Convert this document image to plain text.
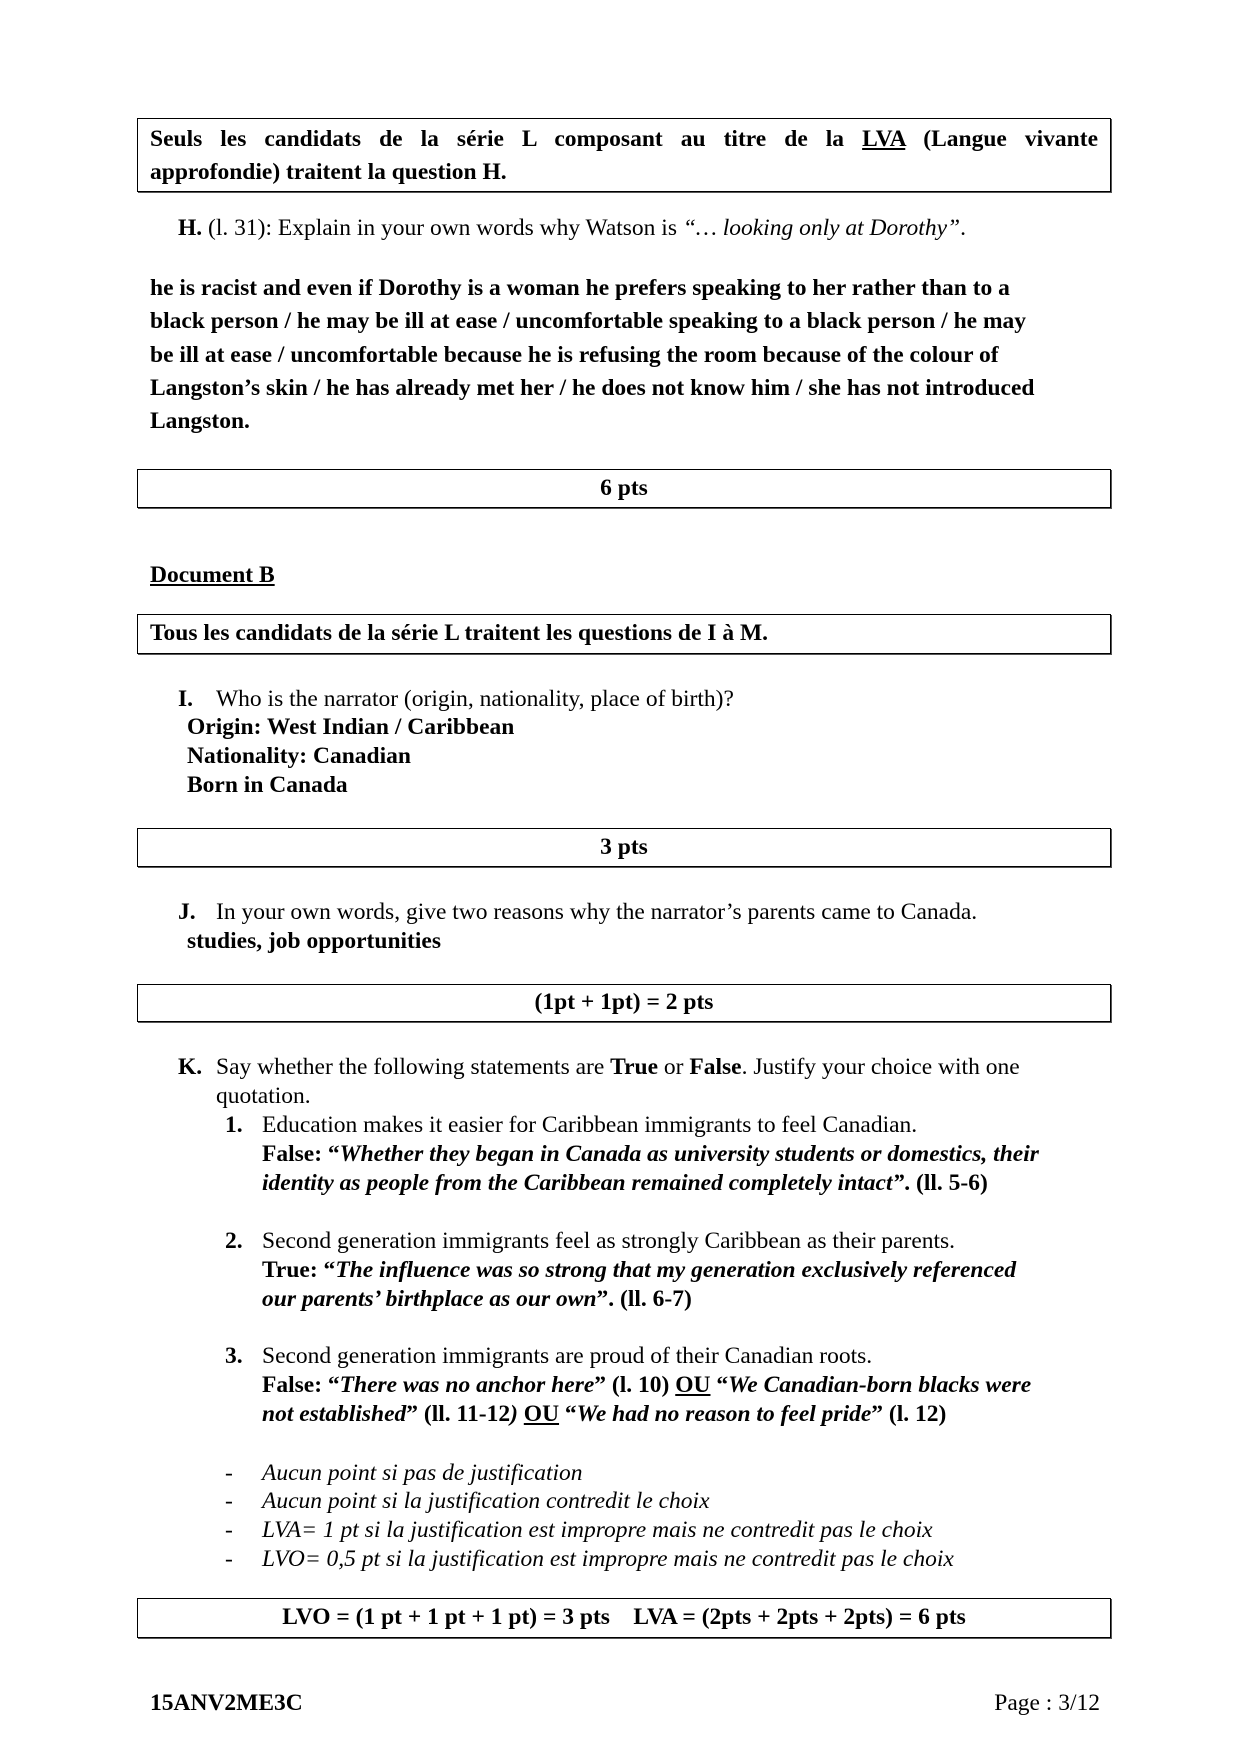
Seuls les candidats de la série L composant au titre de la LVA (Langue vivante
approfondie) traitent la question H.
H. (l. 31): Explain in your own words why Watson is “… looking only at Dorothy”.
he is racist and even if Dorothy is a woman he prefers speaking to her rather than to a
black person / he may be ill at ease / uncomfortable speaking to a black person / he may
be ill at ease / uncomfortable because he is refusing the room because of the colour of
Langston’s skin / he has already met her / he does not know him / she has not introduced
Langston.
6 pts
Document B
Tous les candidats de la série L traitent les questions de I à M.
I. Who is the narrator (origin, nationality, place of birth)?
Origin: West Indian / Caribbean
Nationality: Canadian
Born in Canada
3 pts
J. In your own words, give two reasons why the narrator’s parents came to Canada.
studies, job opportunities
(1pt + 1pt) = 2 pts
K. Say whether the following statements are True or False. Justify your choice with one
quotation.
1. Education makes it easier for Caribbean immigrants to feel Canadian.
False: “Whether they began in Canada as university students or domestics, their
identity as people from the Caribbean remained completely intact”. (ll. 5-6)
2. Second generation immigrants feel as strongly Caribbean as their parents.
True: “The influence was so strong that my generation exclusively referenced
our parents’ birthplace as our own”. (ll. 6-7)
3. Second generation immigrants are proud of their Canadian roots.
False: “There was no anchor here” (l. 10) OU “We Canadian-born blacks were
not established” (ll. 11-12) OU “We had no reason to feel pride” (l. 12)
- Aucun point si pas de justification
- Aucun point si la justification contredit le choix
- LVA= 1 pt si la justification est impropre mais ne contredit pas le choix
- LVO= 0,5 pt si la justification est impropre mais ne contredit pas le choix
LVO = (1 pt + 1 pt + 1 pt) = 3 pts    LVA = (2pts + 2pts + 2pts) = 6 pts
15ANV2ME3C	Page : 3/12
